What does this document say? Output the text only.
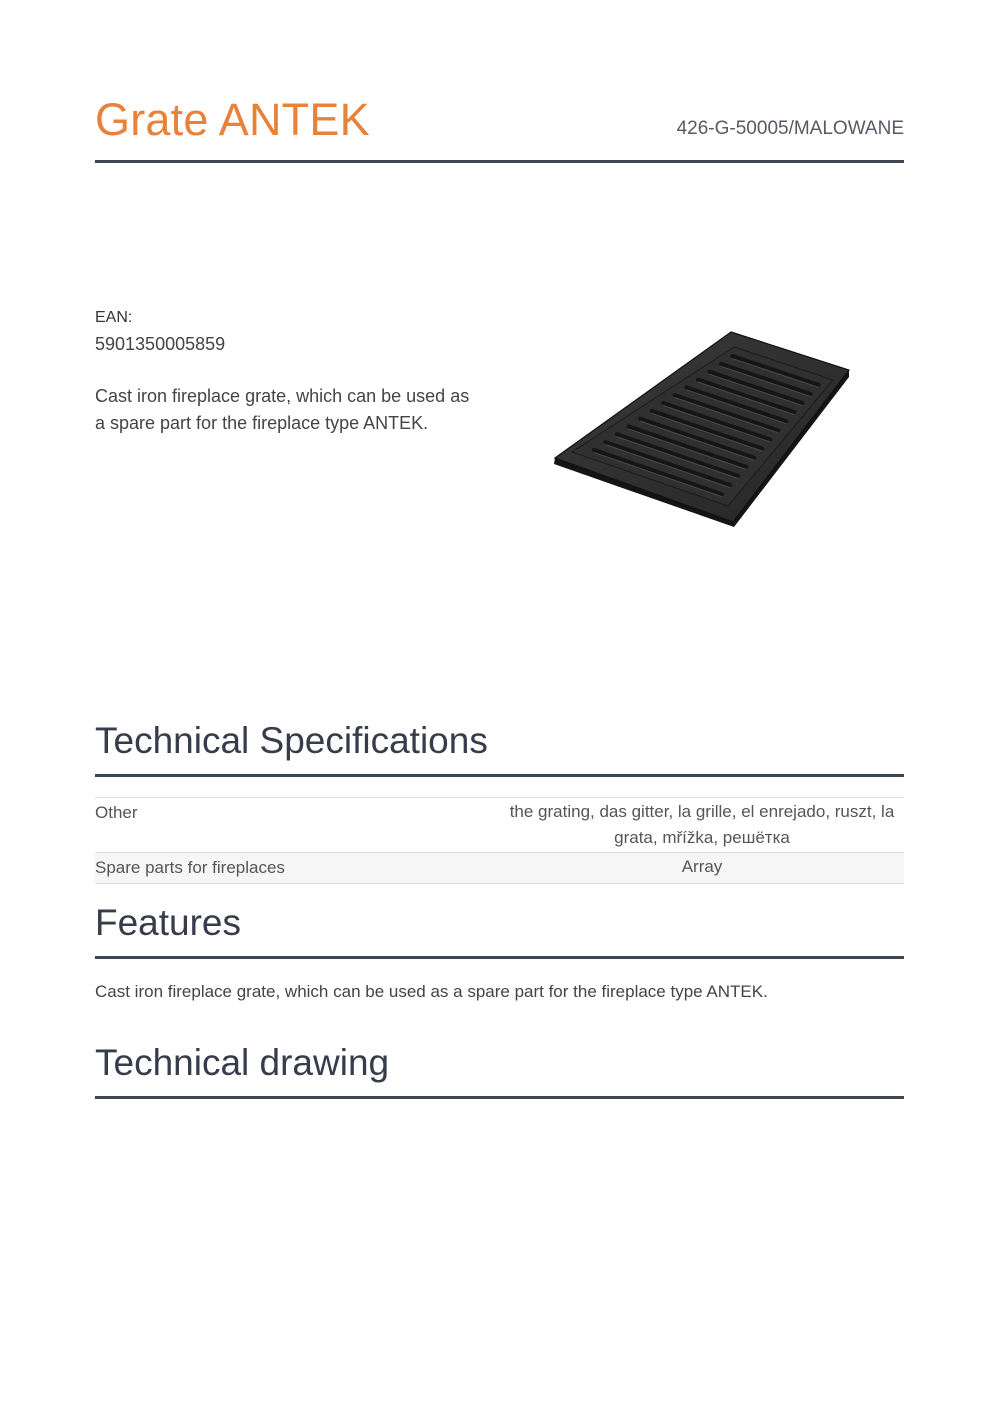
Grate ANTEK	426-G-50005/MALOWANE
EAN:
5901350005859
Cast iron fireplace grate, which can be used as a spare part for the fireplace type ANTEK.
Technical Specifications
Other	the grating, das gitter, la grille, el enrejado, ruszt, la grata, mřížka, решётка
Spare parts for fireplaces	Array
Features
Cast iron fireplace grate, which can be used as a spare part for the fireplace type ANTEK.
Technical drawing
